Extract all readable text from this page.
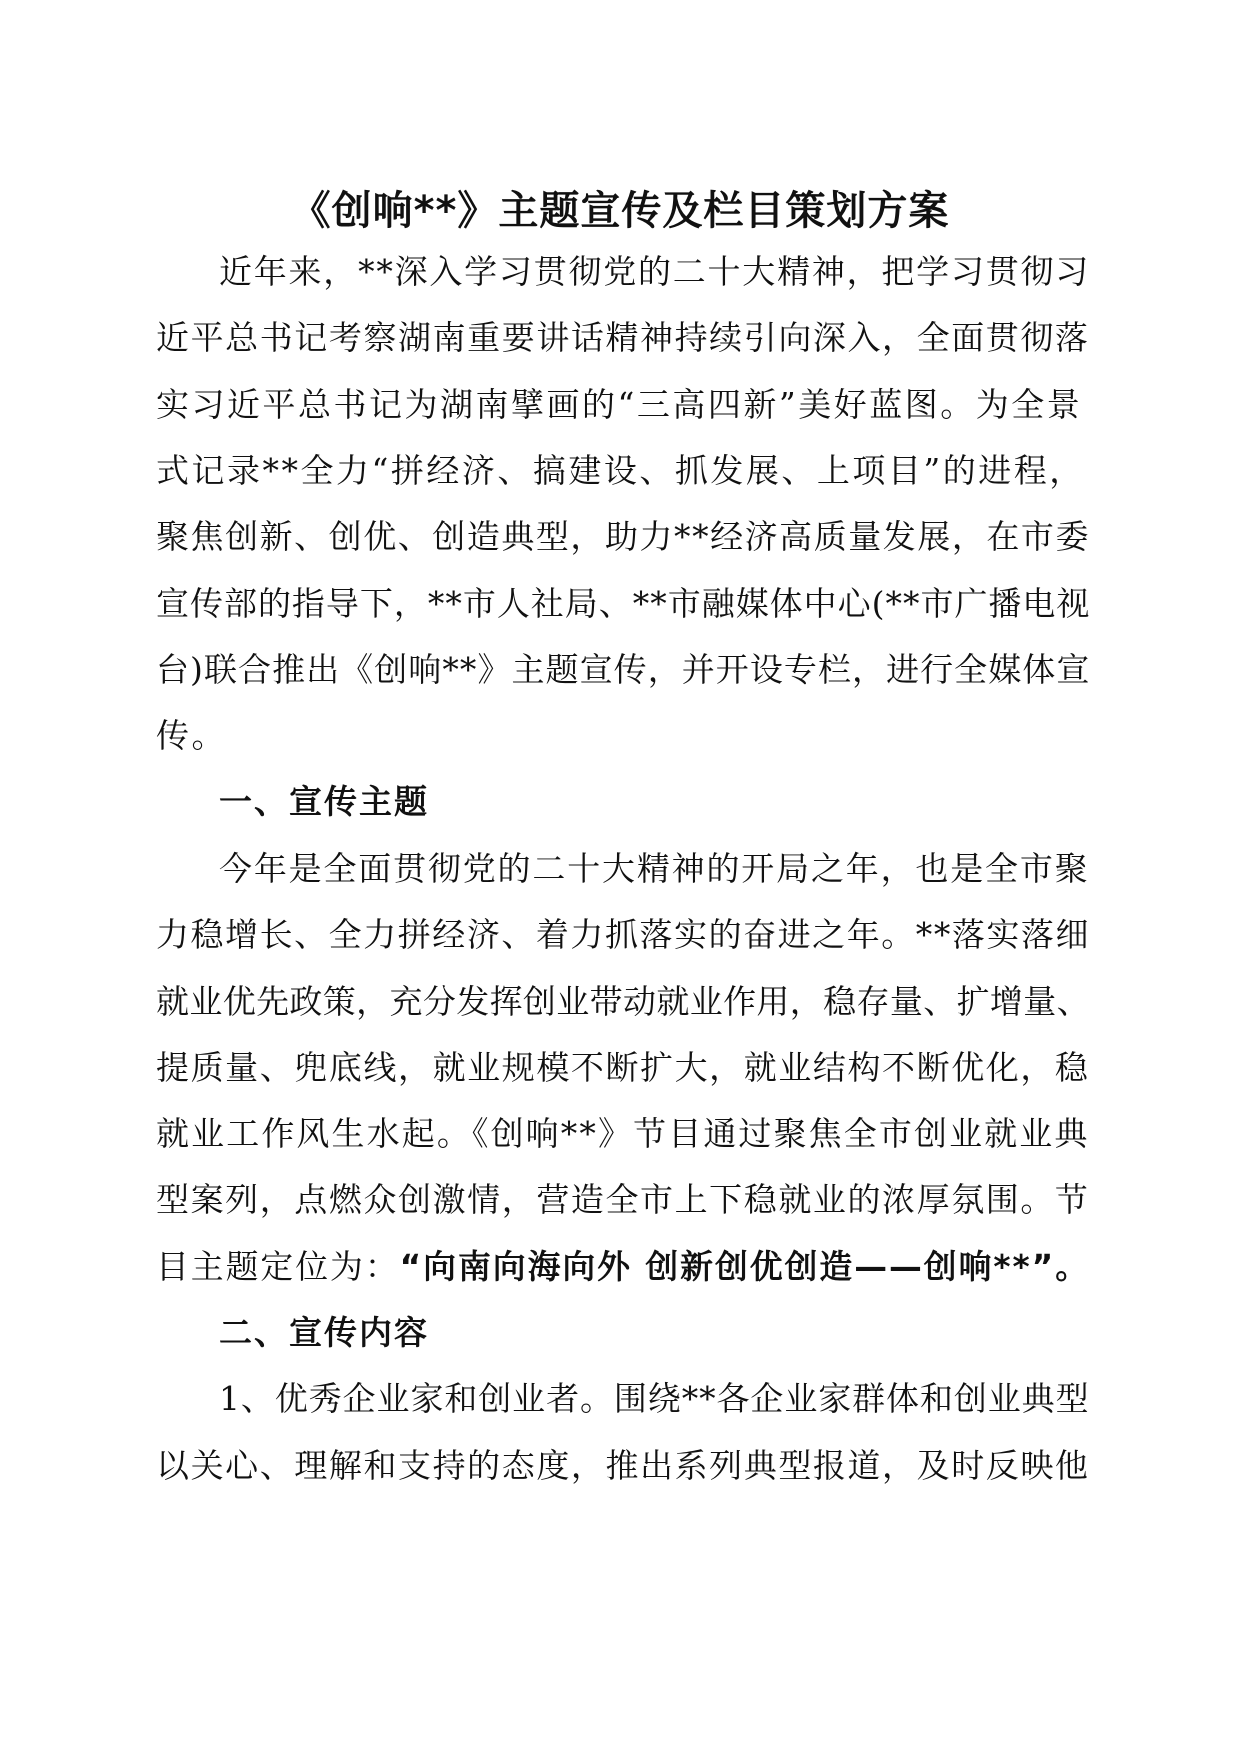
《创响**》主题宣传及栏目策划方案
近年来，**深入学习贯彻党的二十大精神，把学习贯彻习
近平总书记考察湖南重要讲话精神持续引向深入，全面贯彻落
实习近平总书记为湖南擘画的“三高四新”美好蓝图。为全景
式记录**全力“拼经济、搞建设、抓发展、上项目”的进程，
聚焦创新、创优、创造典型，助力**经济高质量发展，在市委
宣传部的指导下，**市人社局、**市融媒体中心(**市广播电视
台)联合推出《创响**》主题宣传，并开设专栏，进行全媒体宣
传。
一、宣传主题
今年是全面贯彻党的二十大精神的开局之年，也是全市聚
力稳增长、全力拼经济、着力抓落实的奋进之年。**落实落细
就业优先政策，充分发挥创业带动就业作用，稳存量、扩增量、
提质量、兜底线，就业规模不断扩大，就业结构不断优化，稳
就业工作风生水起。《创响**》节目通过聚焦全市创业就业典
型案列，点燃众创激情，营造全市上下稳就业的浓厚氛围。节
目主题定位为：“向南向海向外 创新创优创造——创响**”。
二、宣传内容
1、优秀企业家和创业者。围绕**各企业家群体和创业典型
以关心、理解和支持的态度，推出系列典型报道，及时反映他
